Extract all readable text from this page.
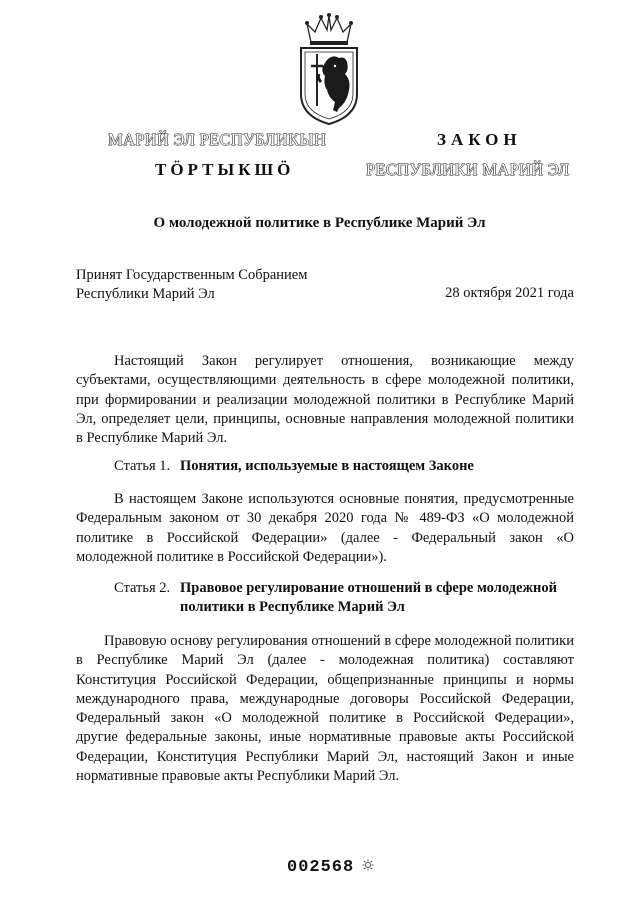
МАРИЙ ЭЛ РЕСПУБЛИКЫН
ТӦРТЫКШӦ
ЗАКОН
РЕСПУБЛИКИ МАРИЙ ЭЛ
О молодежной политике в Республике Марий Эл
Принят Государственным Собранием
Республики Марий Эл	28 октября 2021 года

Настоящий Закон регулирует отношения, возникающие между субъектами, осуществляющими деятельность в сфере молодежной политики, при формировании и реализации молодежной политики в Республике Марий Эл, определяет цели, принципы, основные направления молодежной политики в Республике Марий Эл.

Статья 1. Понятия, используемые в настоящем Законе

В настоящем Законе используются основные понятия, предусмотренные Федеральным законом от 30 декабря 2020 года № 489-ФЗ «О молодежной политике в Российской Федерации» (далее - Федеральный закон «О молодежной политике в Российской Федерации»).

Статья 2. Правовое регулирование отношений в сфере молодежной
политики в Республике Марий Эл

Правовую основу регулирования отношений в сфере молодежной политики в Республике Марий Эл (далее - молодежная политика) составляют Конституция Российской Федерации, общепризнанные принципы и нормы международного права, международные договоры Российской Федерации, Федеральный закон «О молодежной политике в Российской Федерации», другие федеральные законы, иные нормативные правовые акты Российской Федерации, Конституция Республики Марий Эл, настоящий Закон и иные нормативные правовые акты Республики Марий Эл.

002568
